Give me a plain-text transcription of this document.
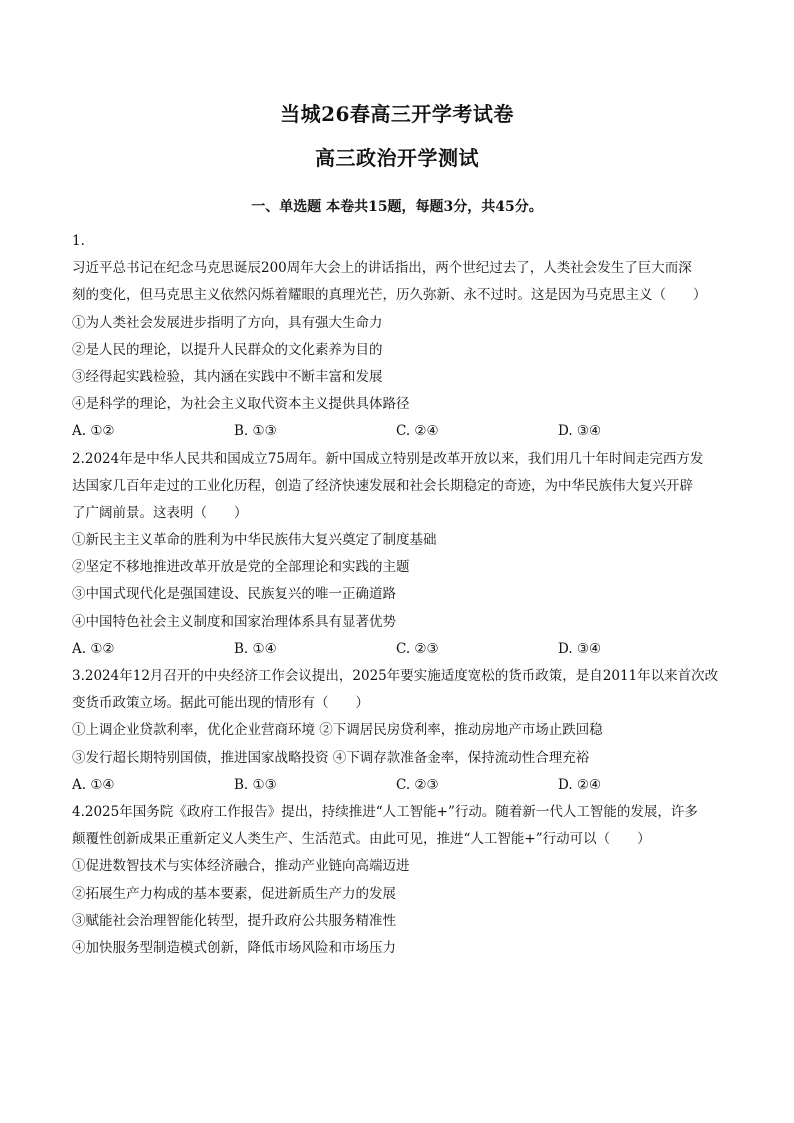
当城26春高三开学考试卷
高三政治开学测试
一、单选题 本卷共15题，每题3分，共45分。
1.
习近平总书记在纪念马克思诞辰200周年大会上的讲话指出，两个世纪过去了，人类社会发生了巨大而深
刻的变化，但马克思主义依然闪烁着耀眼的真理光芒，历久弥新、永不过时。这是因为马克思主义（　　）
①为人类社会发展进步指明了方向，具有强大生命力
②是人民的理论，以提升人民群众的文化素养为目的
③经得起实践检验，其内涵在实践中不断丰富和发展
④是科学的理论，为社会主义取代资本主义提供具体路径
A. ①②	B. ①③	C. ②④	D. ③④
2.2024年是中华人民共和国成立75周年。新中国成立特别是改革开放以来，我们用几十年时间走完西方发
达国家几百年走过的工业化历程，创造了经济快速发展和社会长期稳定的奇迹，为中华民族伟大复兴开辟
了广阔前景。这表明（　　）
①新民主主义革命的胜利为中华民族伟大复兴奠定了制度基础
②坚定不移地推进改革开放是党的全部理论和实践的主题
③中国式现代化是强国建设、民族复兴的唯一正确道路
④中国特色社会主义制度和国家治理体系具有显著优势
A. ①②	B. ①④	C. ②③	D. ③④
3.2024年12月召开的中央经济工作会议提出，2025年要实施适度宽松的货币政策，是自2011年以来首次改
变货币政策立场。据此可能出现的情形有（　　）
①上调企业贷款利率，优化企业营商环境 ②下调居民房贷利率，推动房地产市场止跌回稳
③发行超长期特别国债，推进国家战略投资 ④下调存款准备金率，保持流动性合理充裕
A. ①④	B. ①③	C. ②③	D. ②④
4.2025年国务院《政府工作报告》提出，持续推进“人工智能+”行动。随着新一代人工智能的发展，许多
颠覆性创新成果正重新定义人类生产、生活范式。由此可见，推进“人工智能+”行动可以（　　）
①促进数智技术与实体经济融合，推动产业链向高端迈进
②拓展生产力构成的基本要素，促进新质生产力的发展
③赋能社会治理智能化转型，提升政府公共服务精准性
④加快服务型制造模式创新，降低市场风险和市场压力
